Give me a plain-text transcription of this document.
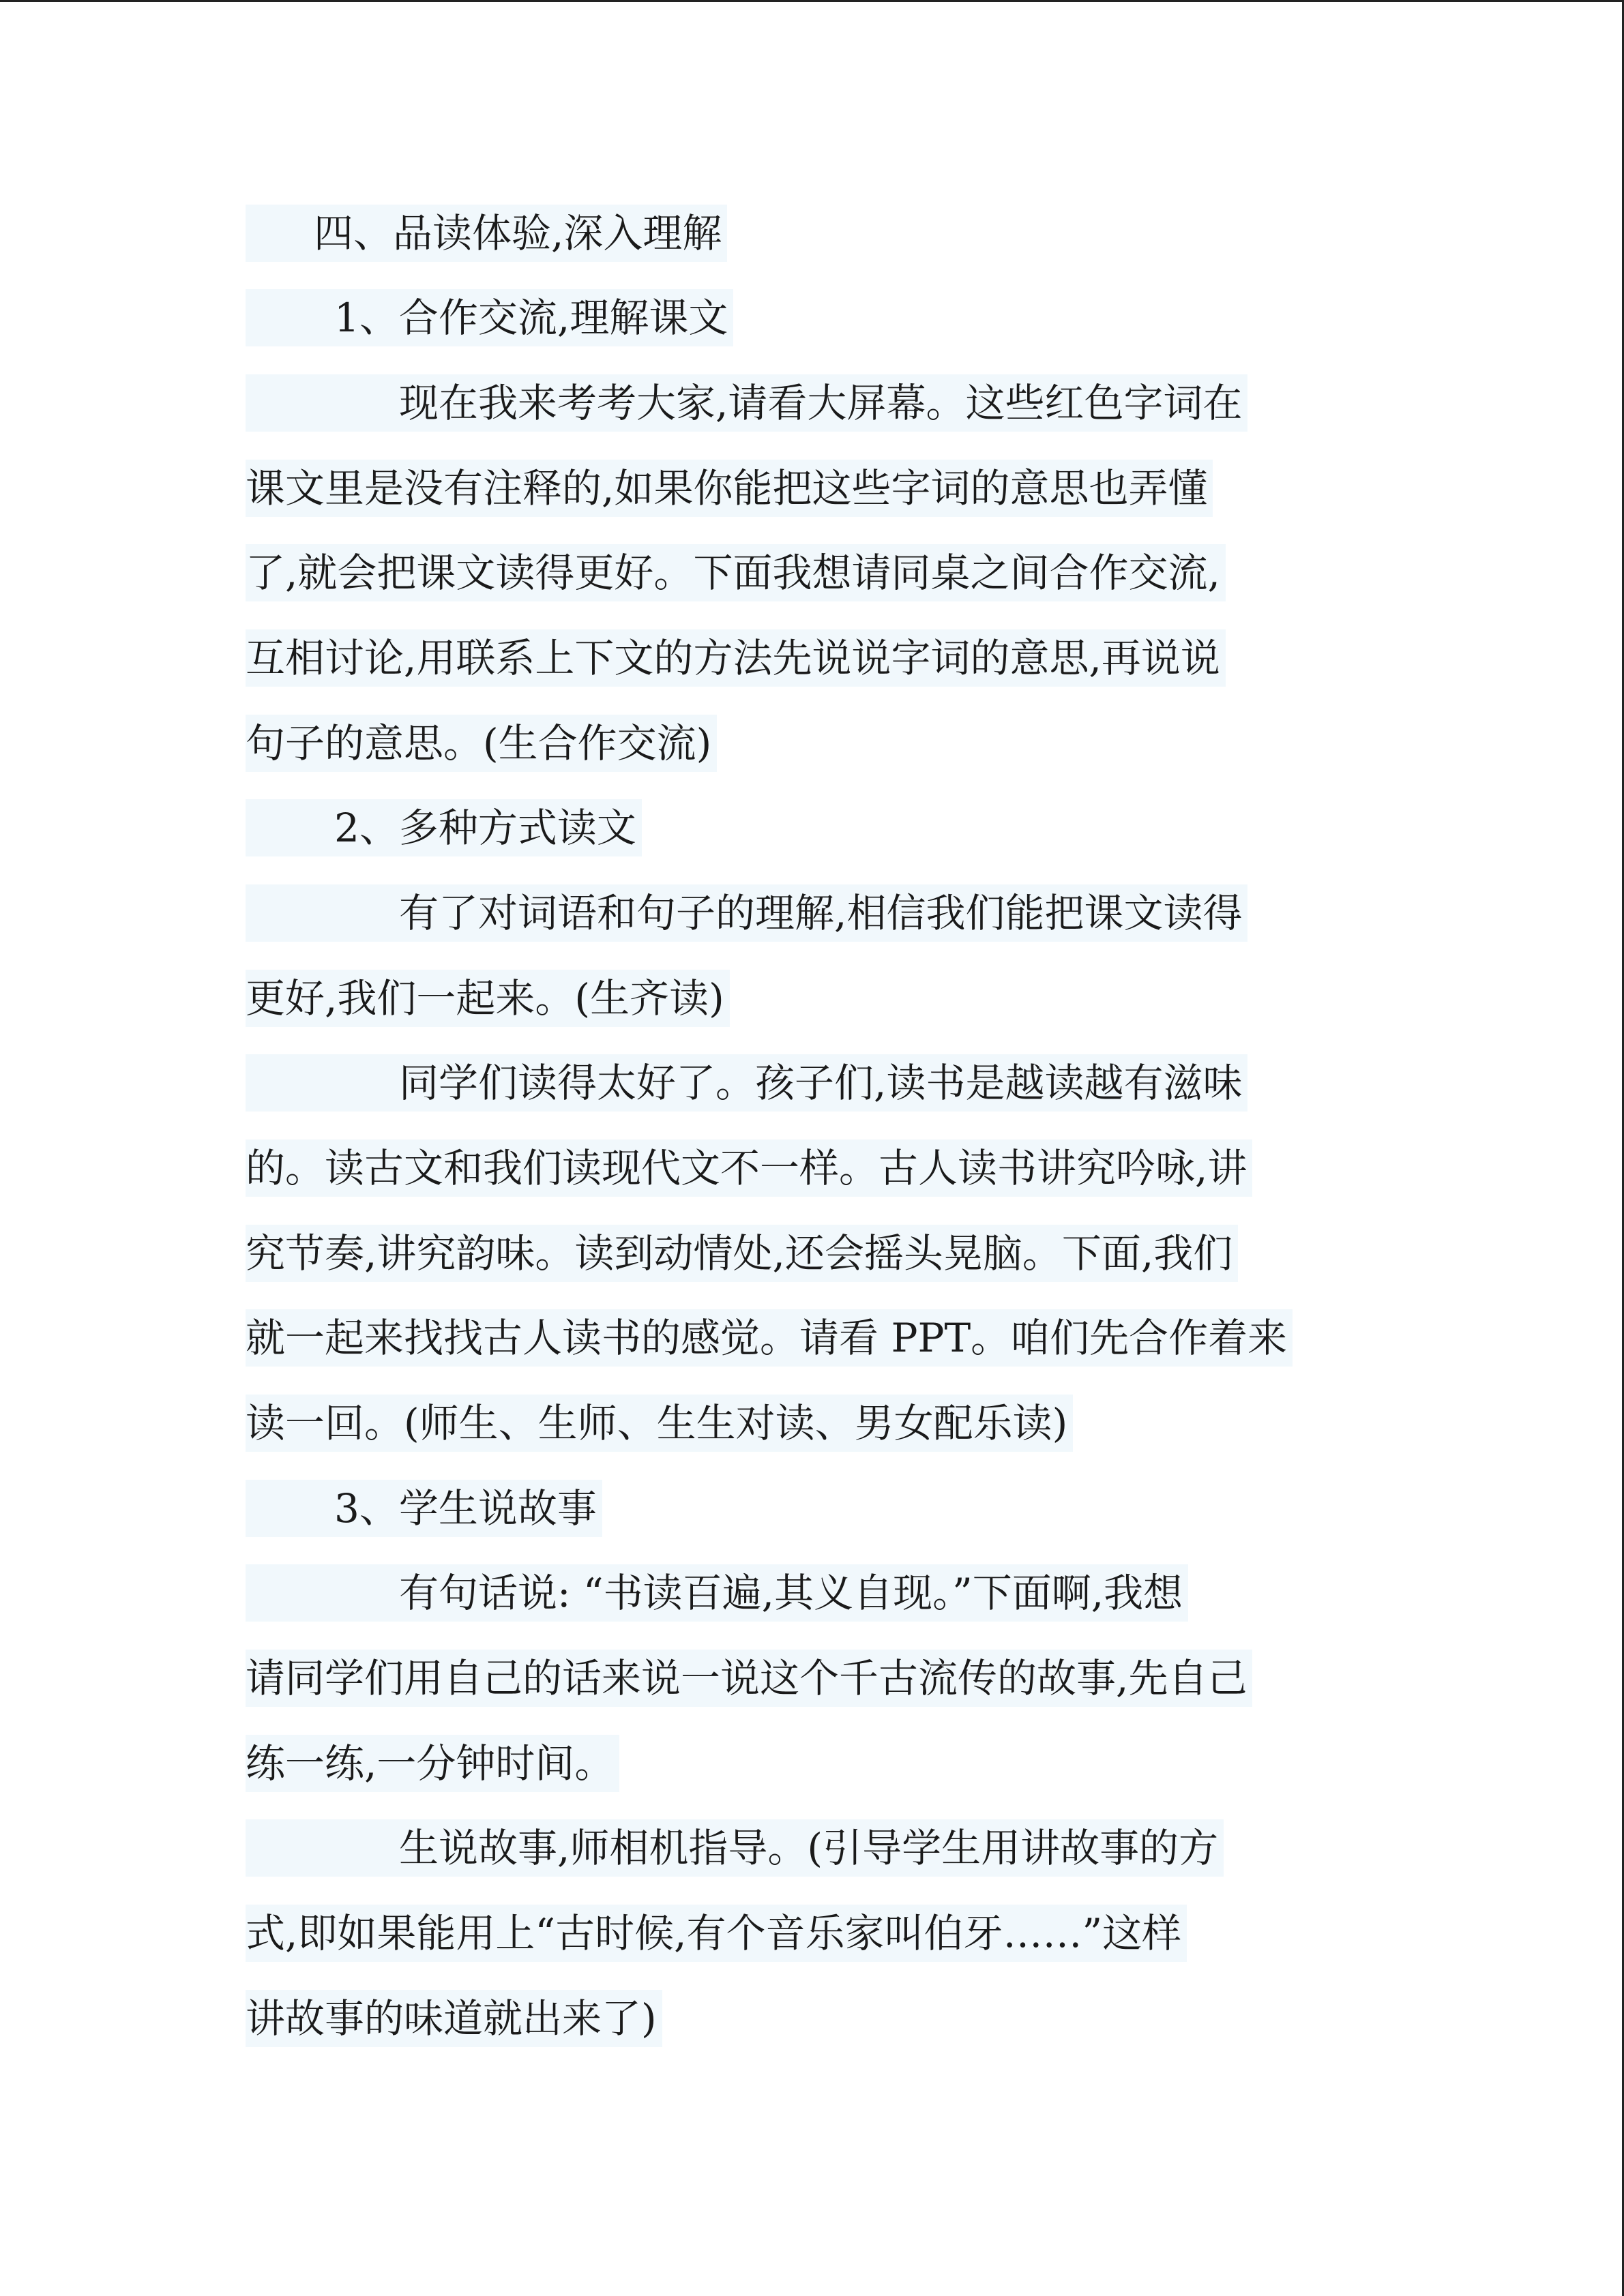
四、品读体验,深入理解
1、合作交流,理解课文
现在我来考考大家,请看大屏幕。这些红色字词在
课文里是没有注释的,如果你能把这些字词的意思也弄懂
了,就会把课文读得更好。下面我想请同桌之间合作交流,
互相讨论,用联系上下文的方法先说说字词的意思,再说说
句子的意思。(生合作交流)
2、多种方式读文
有了对词语和句子的理解,相信我们能把课文读得
更好,我们一起来。(生齐读)
同学们读得太好了。孩子们,读书是越读越有滋味
的。读古文和我们读现代文不一样。古人读书讲究吟咏,讲
究节奏,讲究韵味。读到动情处,还会摇头晃脑。下面,我们
就一起来找找古人读书的感觉。请看 PPT。咱们先合作着来
读一回。(师生、生师、生生对读、男女配乐读)
3、学生说故事
有句话说: “书读百遍,其义自现。”下面啊,我想
请同学们用自己的话来说一说这个千古流传的故事,先自己
练一练,一分钟时间。
生说故事,师相机指导。(引导学生用讲故事的方
式,即如果能用上“古时候,有个音乐家叫伯牙……”这样
讲故事的味道就出来了)
